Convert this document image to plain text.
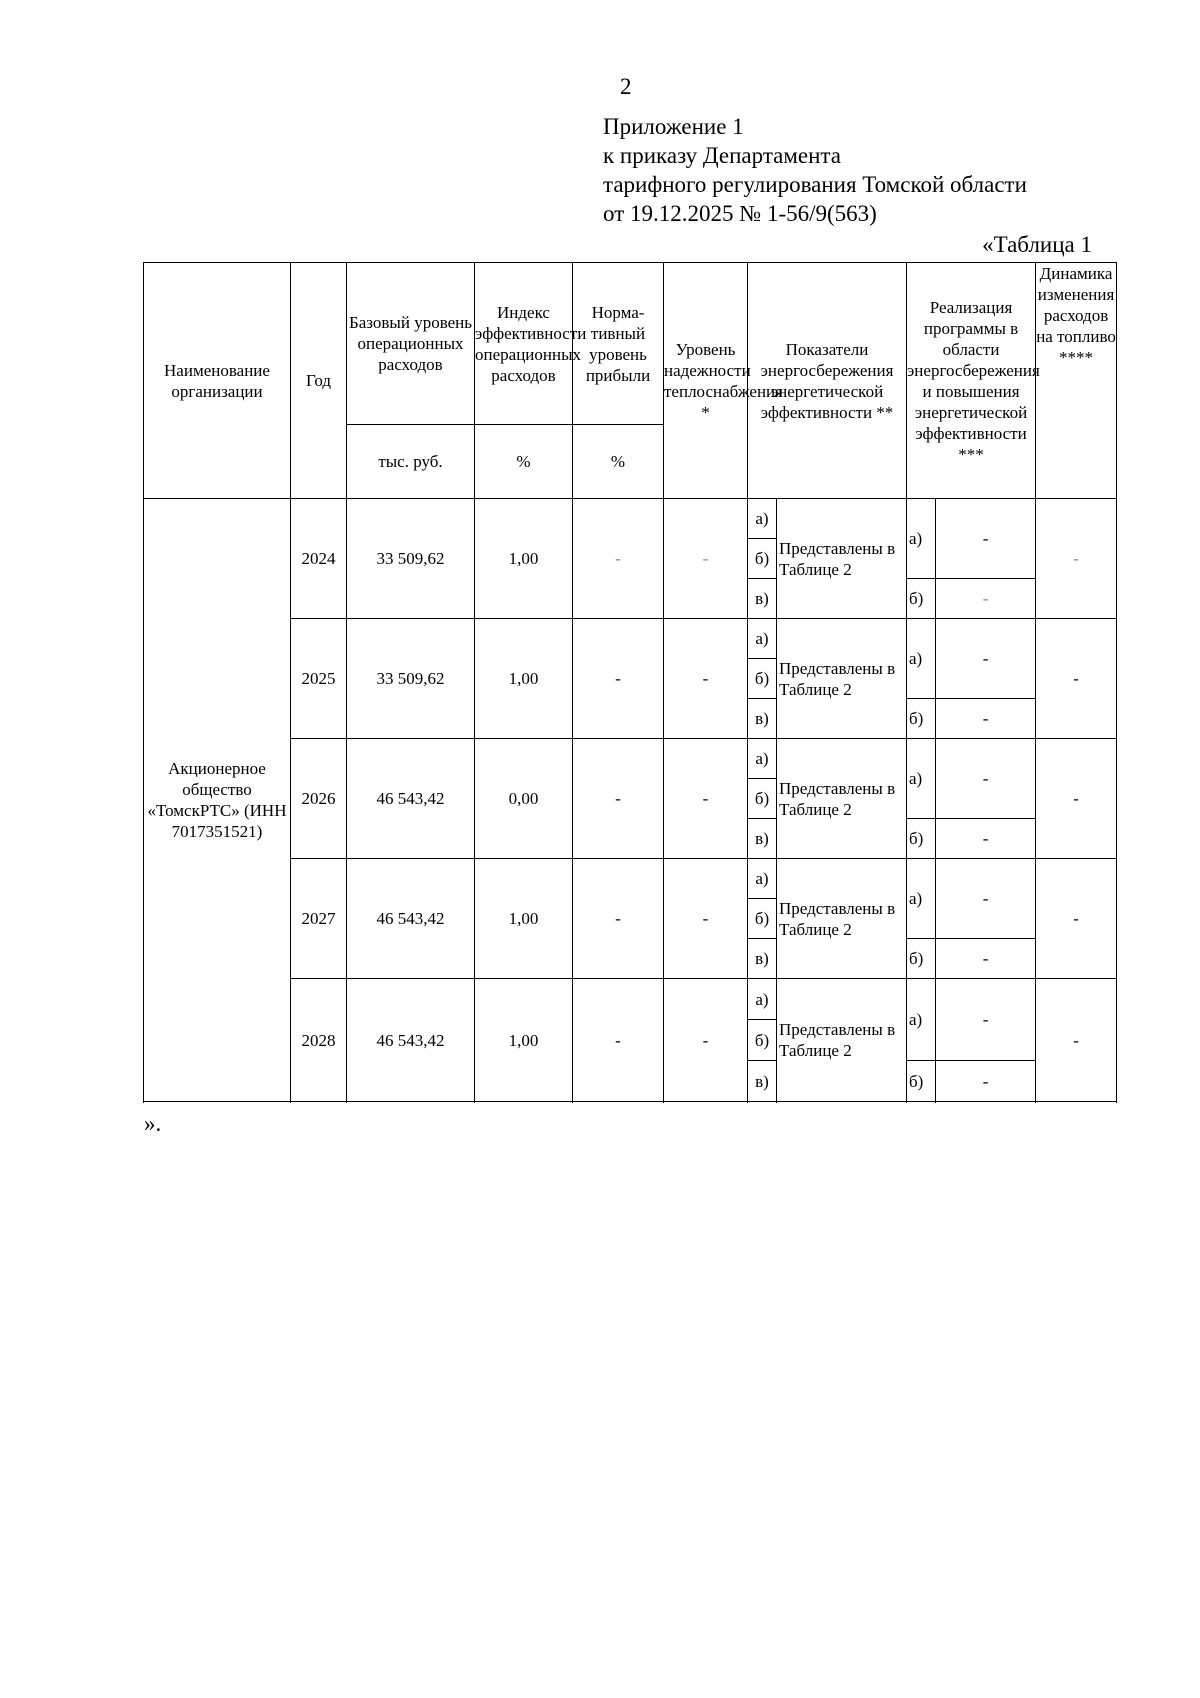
2
Приложение 1
к приказу Департамента
тарифного регулирования Томской области
от 19.12.2025 № 1-56/9(563)
«Таблица 1
Наименование организации	Год	Базовый уровень операционных расходов	Индекс эффективности операционных расходов	Норма-тивный уровень прибыли	Уровень надежности теплоснабжения *	Показатели энергосбережения энергетической эффективности **		Реализация программы в области энергосбережения и повышения энергетической эффективности ***		Динамика изменения расходов на топливо ****
		тыс. руб.	%	%						
Акционерное общество «ТомскРТС» (ИНН 7017351521)	2024	33 509,62	1,00	-	-	а)	Представлены в Таблице 2	а)	-	-

						б)				

						в)		б)	-	

	2025	33 509,62	1,00	-	-	а)	Представлены в Таблице 2	а)	-	-

						б)				

						в)		б)	-	

	2026	46 543,42	0,00	-	-	а)	Представлены в Таблице 2	а)	-	-

						б)				

						в)		б)	-	

	2027	46 543,42	1,00	-	-	а)	Представлены в Таблице 2	а)	-	-

						б)				

						в)		б)	-	

	2028	46 543,42	1,00	-	-	а)	Представлены в Таблице 2	а)	-	-

						б)				

						в)		б)	-	

».
